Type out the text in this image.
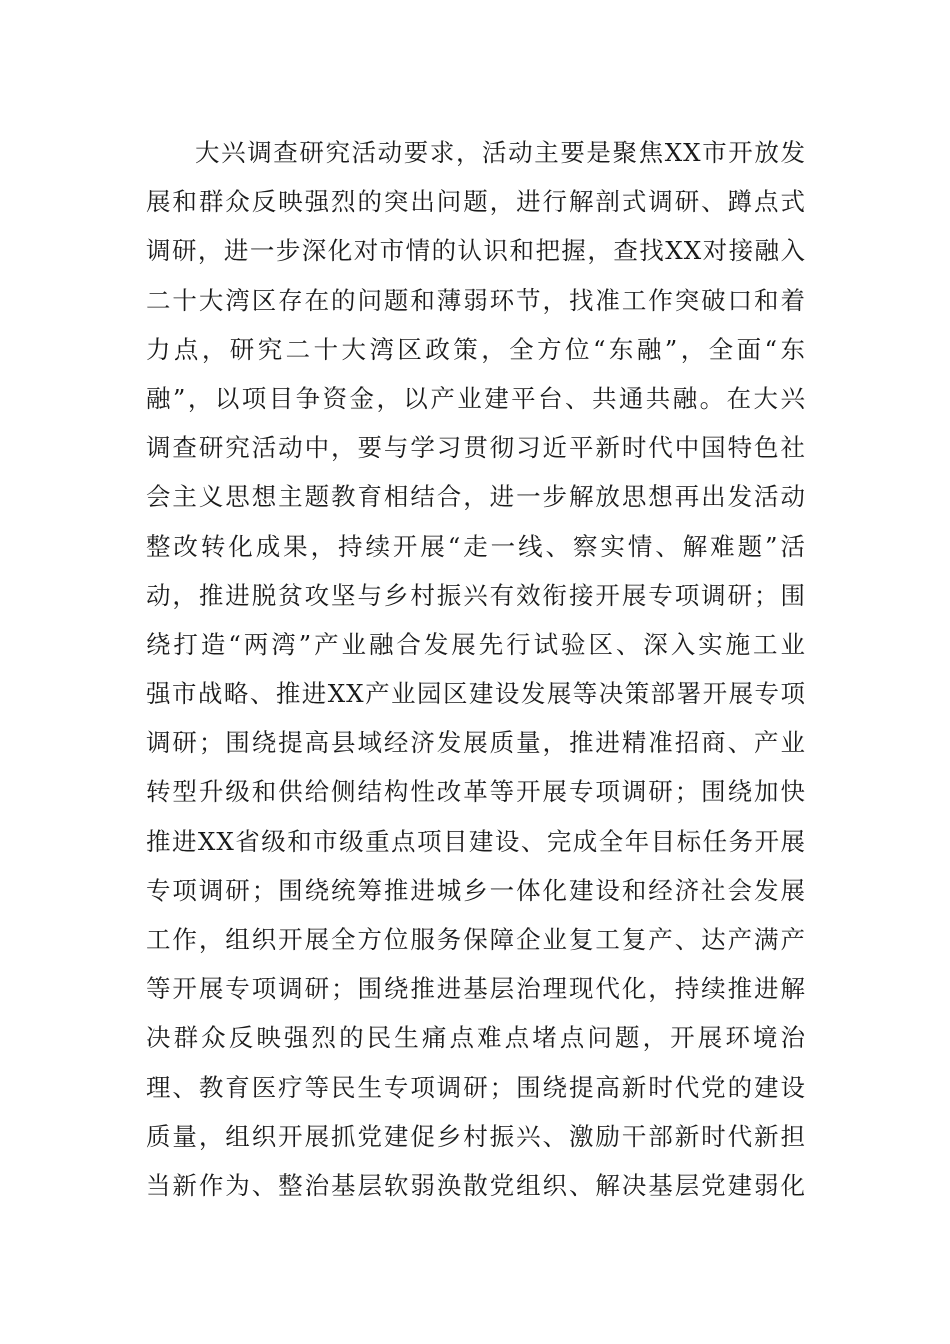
大兴调查研究活动要求，活动主要是聚焦XX市开放发
展和群众反映强烈的突出问题，进行解剖式调研、蹲点式
调研，进一步深化对市情的认识和把握，查找XX对接融入
二十大湾区存在的问题和薄弱环节，找准工作突破口和着
力点，研究二十大湾区政策，全方位“东融”，全面“东
融”，以项目争资金，以产业建平台、共通共融。在大兴
调查研究活动中，要与学习贯彻习近平新时代中国特色社
会主义思想主题教育相结合，进一步解放思想再出发活动
整改转化成果，持续开展“走一线、察实情、解难题”活
动，推进脱贫攻坚与乡村振兴有效衔接开展专项调研；围
绕打造“两湾”产业融合发展先行试验区、深入实施工业
强市战略、推进XX产业园区建设发展等决策部署开展专项
调研；围绕提高县域经济发展质量，推进精准招商、产业
转型升级和供给侧结构性改革等开展专项调研；围绕加快
推进XX省级和市级重点项目建设、完成全年目标任务开展
专项调研；围绕统筹推进城乡一体化建设和经济社会发展
工作，组织开展全方位服务保障企业复工复产、达产满产
等开展专项调研；围绕推进基层治理现代化，持续推进解
决群众反映强烈的民生痛点难点堵点问题，开展环境治
理、教育医疗等民生专项调研；围绕提高新时代党的建设
质量，组织开展抓党建促乡村振兴、激励干部新时代新担
当新作为、整治基层软弱涣散党组织、解决基层党建弱化
